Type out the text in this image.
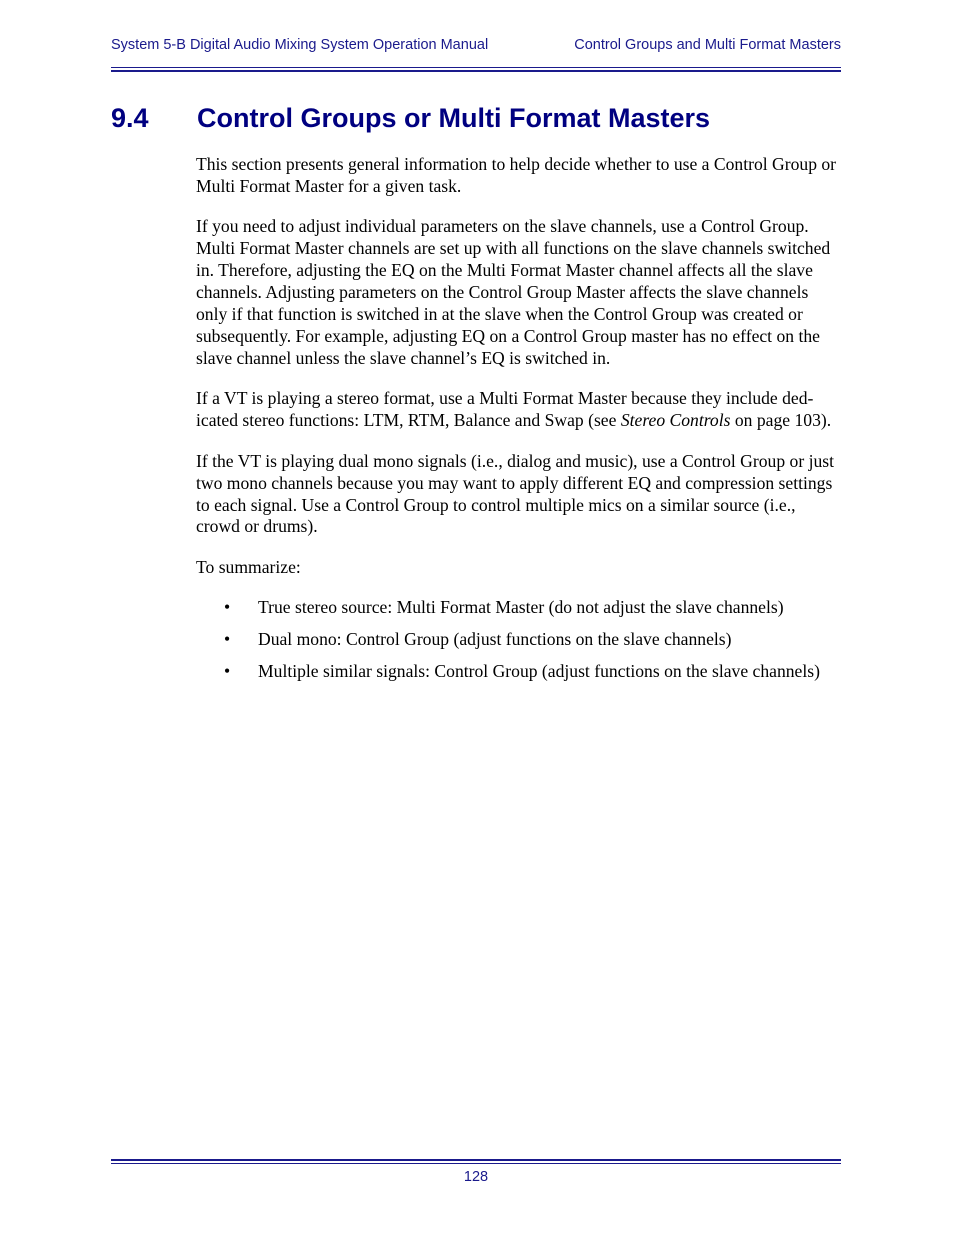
System 5-B Digital Audio Mixing System Operation Manual	Control Groups and Multi Format Masters
9.4 Control Groups or Multi Format Masters

This section presents general information to help decide whether to use a Control Group or Multi Format Master for a given task.

If you need to adjust individual parameters on the slave channels, use a Control Group. Multi Format Master channels are set up with all functions on the slave channels switched in. Therefore, adjusting the EQ on the Multi Format Master channel affects all the slave channels. Adjusting parameters on the Control Group Master affects the slave channels only if that function is switched in at the slave when the Control Group was created or subsequently. For example, adjusting EQ on a Control Group master has no effect on the slave channel unless the slave channel’s EQ is switched in.

If a VT is playing a stereo format, use a Multi Format Master because they include ded-icated stereo functions: LTM, RTM, Balance and Swap (see Stereo Controls on page 103).

If the VT is playing dual mono signals (i.e., dialog and music), use a Control Group or just two mono channels because you may want to apply different EQ and compression settings to each signal. Use a Control Group to control multiple mics on a similar source (i.e., crowd or drums).

To summarize:

• True stereo source: Multi Format Master (do not adjust the slave channels)
• Dual mono: Control Group (adjust functions on the slave channels)
• Multiple similar signals: Control Group (adjust functions on the slave channels)
128
